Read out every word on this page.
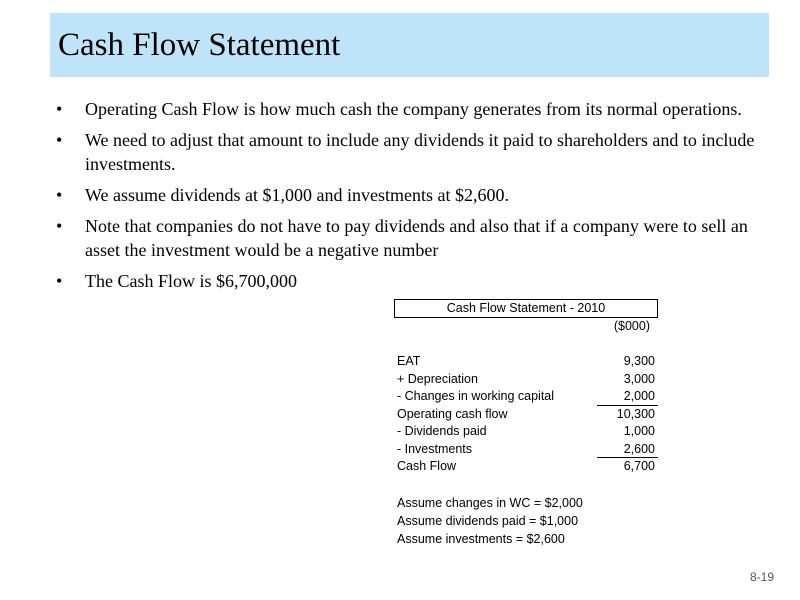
Cash Flow Statement
• Operating Cash Flow is how much cash the company generates from its normal operations.
• We need to adjust that amount to include any dividends it paid to shareholders and to include investments.
• We assume dividends at $1,000 and investments at $2,600.
• Note that companies do not have to pay dividends and also that if a company were to sell an asset the investment would be a negative number
• The Cash Flow is $6,700,000
Cash Flow Statement - 2010
($000)
EAT	9,300
+ Depreciation	3,000
- Changes in working capital	2,000
Operating cash flow	10,300
- Dividends paid	1,000
- Investments	2,600
Cash Flow	6,700
Assume changes in WC = $2,000
Assume dividends paid = $1,000
Assume investments = $2,600
8-19
